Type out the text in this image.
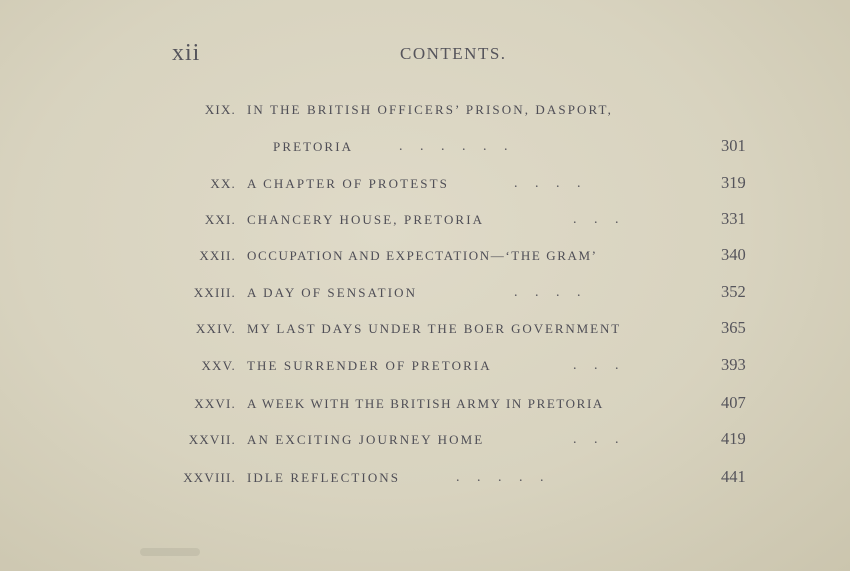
xii	CONTENTS.
XIX. IN THE BRITISH OFFICERS’ PRISON, DASPORT,
PRETORIA	.     .     .     .     .     .	301
XX. A CHAPTER OF PROTESTS	.     .     .     .	319
XXI. CHANCERY HOUSE, PRETORIA	.     .     .	331
XXII. OCCUPATION AND EXPECTATION—‘THE GRAM’	340
XXIII. A DAY OF SENSATION	.     .     .     .	352
XXIV. MY LAST DAYS UNDER THE BOER GOVERNMENT	365
XXV. THE SURRENDER OF PRETORIA	.     .     .	393
XXVI. A WEEK WITH THE BRITISH ARMY IN PRETORIA	407
XXVII. AN EXCITING JOURNEY HOME	.     .     .	419
XXVIII. IDLE REFLECTIONS	.     .     .     .     .	441
